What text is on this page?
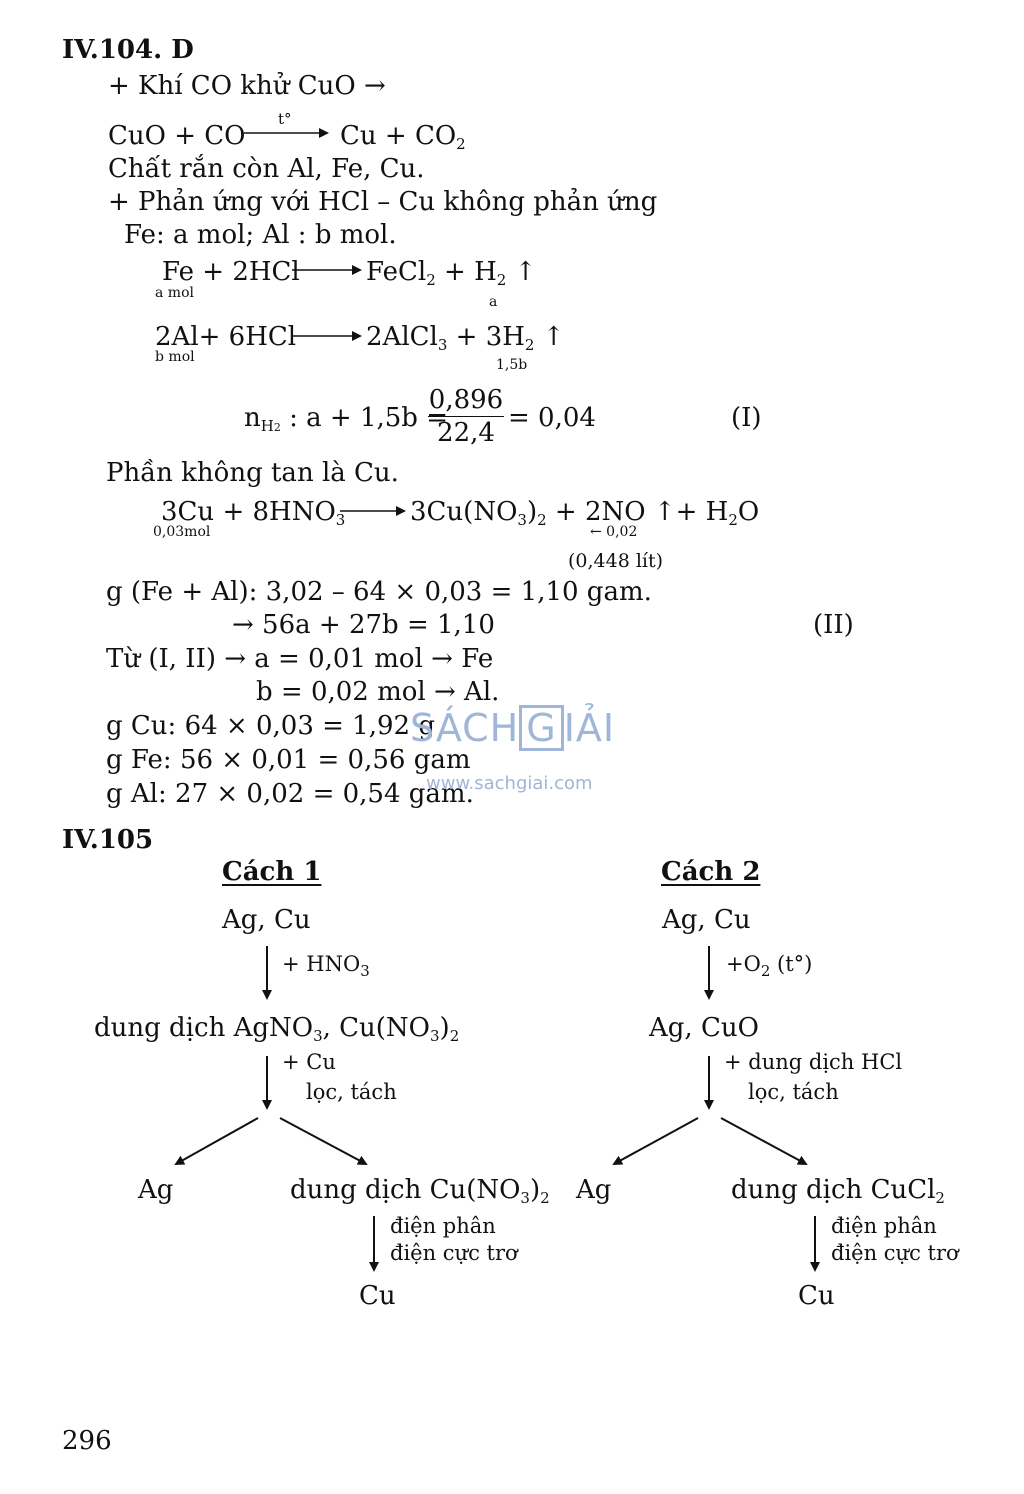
IV.104. D
+ Khí CO khử CuO →
CuO + CO
t°
$Cu + CO_2$
Chất rắn còn Al, Fe, Cu.
+ Phản ứng với HCl – Cu không phản ứng
Fe: a mol; Al : b mol.
Fe + 2HCl	FeCl$_2$ + $H_2$ ↑
a mol
a
2Al+ 6HCl	2AlCl$_3$ + $3H_2$ ↑
b mol	1,5b
$n_{H2}$ : a + 1,5b =
0,896
22,4 = 0,04	(I)
Phần không tan là Cu.
$3Cu + 8HNO_3$ $3Cu(NO_3)_2 + 2NO$ ↑+ $H_2O$
0,03mol	← 0,02
(0,448 lít)
g (Fe + Al): 3,02 – 64 × 0,03 = 1,10 gam.
→ 56a + 27b = 1,10	(II)
Từ (I, II) → a = 0,01 mol → Fe
b = 0,02 mol → Al.
g Cu: 64 × 0,03 = 1,92 g
g Fe: 56 × 0,01 = 0,56 gam
g Al: 27 × 0,02 = 0,54 gam.
SÁCH G IẢI
www.sachgiai.com
IV.105
Cách 1
Ag, Cu
+ $HNO_3$
dung dịch AgNO$_3$, $Cu(NO_3)_2$
+ Cu
lọc, tách
Ag	dung dịch $Cu(NO_3)_2$
điện phân
điện cực trơ
Cu
Cách 2
Ag, Cu
$+O_2$ (t°)
Ag, CuO
+ dung dịch HCl
lọc, tách
Ag	dung dịch CuCl$_2$
điện phân
điện cực trơ
Cu
296
